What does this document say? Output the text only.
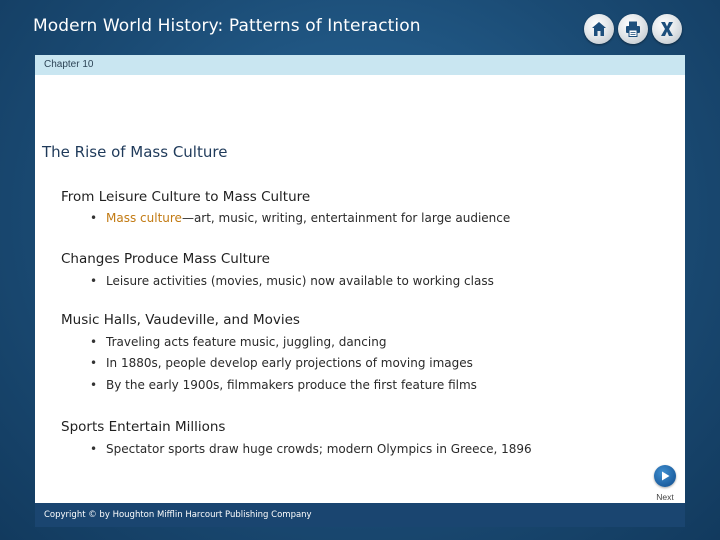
Modern World History: Patterns of Interaction
Chapter 10
The Rise of Mass Culture
From Leisure Culture to Mass Culture
• Mass culture—art, music, writing, entertainment for large audience
Changes Produce Mass Culture
• Leisure activities (movies, music) now available to working class
Music Halls, Vaudeville, and Movies
• Traveling acts feature music, juggling, dancing
• In 1880s, people develop early projections of moving images
• By the early 1900s, filmmakers produce the first feature films
Sports Entertain Millions
• Spectator sports draw huge crowds; modern Olympics in Greece, 1896
Next
Copyright © by Houghton Mifflin Harcourt Publishing Company
